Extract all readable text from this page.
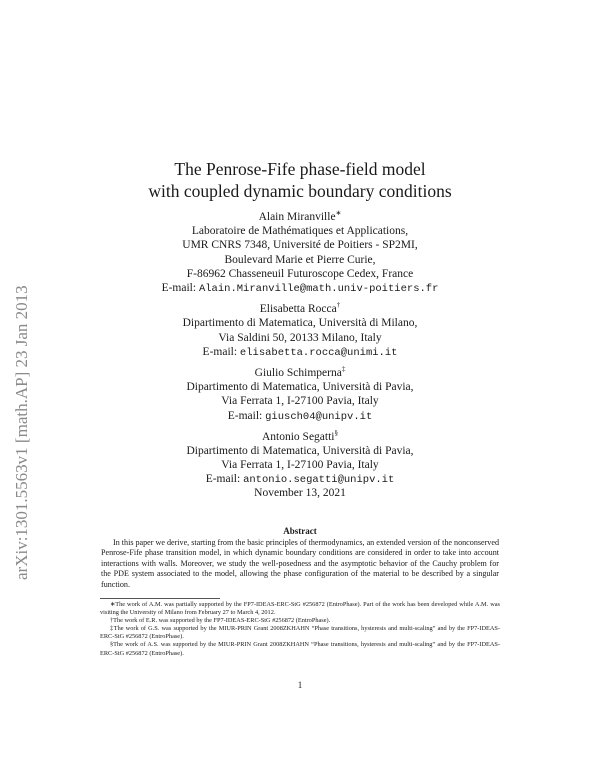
arXiv:1301.5563v1 [math.AP] 23 Jan 2013
The Penrose-Fife phase-field model
with coupled dynamic boundary conditions
Alain Miranville∗
Laboratoire de Mathématiques et Applications,
UMR CNRS 7348, Université de Poitiers - SP2MI,
Boulevard Marie et Pierre Curie,
F-86962 Chasseneuil Futuroscope Cedex, France
E-mail: Alain.Miranville@math.univ-poitiers.fr
Elisabetta Rocca†
Dipartimento di Matematica, Università di Milano,
Via Saldini 50, 20133 Milano, Italy
E-mail: elisabetta.rocca@unimi.it
Giulio Schimperna‡
Dipartimento di Matematica, Università di Pavia,
Via Ferrata 1, I-27100 Pavia, Italy
E-mail: giusch04@unipv.it
Antonio Segatti§
Dipartimento di Matematica, Università di Pavia,
Via Ferrata 1, I-27100 Pavia, Italy
E-mail: antonio.segatti@unipv.it
November 13, 2021
Abstract
In this paper we derive, starting from the basic principles of thermodynamics, an extended version of the nonconserved Penrose-Fife phase transition model, in which dynamic boundary conditions are considered in order to take into account interactions with walls. Moreover, we study the well-posedness and the asymptotic behavior of the Cauchy problem for the PDE system associated to the model, allowing the phase configuration of the material to be described by a singular function.
∗The work of A.M. was partially supported by the FP7-IDEAS-ERC-StG #256872 (EntroPhase). Part of the work has been developed while A.M. was visiting the University of Milano from February 27 to March 4, 2012.
†The work of E.R. was supported by the FP7-IDEAS-ERC-StG #256872 (EntroPhase).
‡The work of G.S. was supported by the MIUR-PRIN Grant 2008ZKHAHN “Phase transitions, hysteresis and multi-scaling” and by the FP7-IDEAS-ERC-StG #256872 (EntroPhase).
§The work of A.S. was supported by the MIUR-PRIN Grant 2008ZKHAHN “Phase transitions, hysteresis and multi-scaling” and by the FP7-IDEAS-ERC-StG #256872 (EntroPhase).
1
